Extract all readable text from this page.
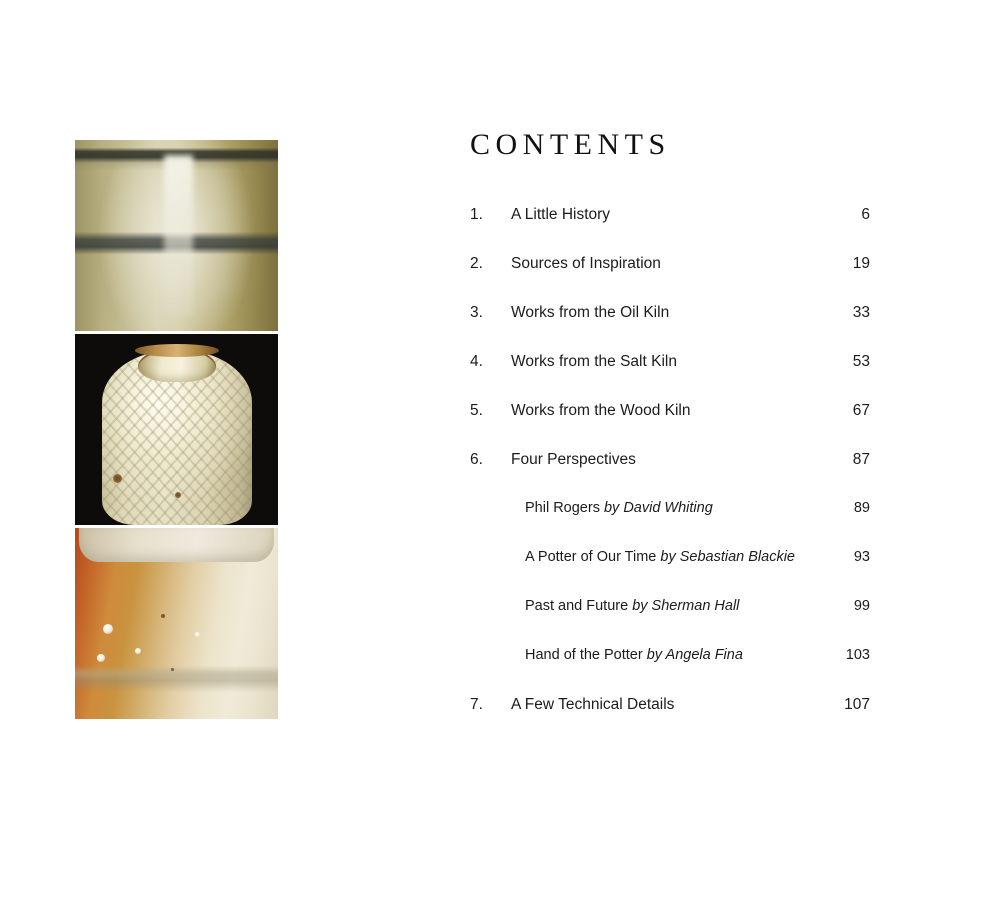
CONTENTS
1. A Little History	6
2. Sources of Inspiration	19
3. Works from the Oil Kiln	33
4. Works from the Salt Kiln	53
5. Works from the Wood Kiln	67
6. Four Perspectives	87
Phil Rogers by David Whiting	89
A Potter of Our Time by Sebastian Blackie	93
Past and Future by Sherman Hall	99
Hand of the Potter by Angela Fina	103
7. A Few Technical Details	107
